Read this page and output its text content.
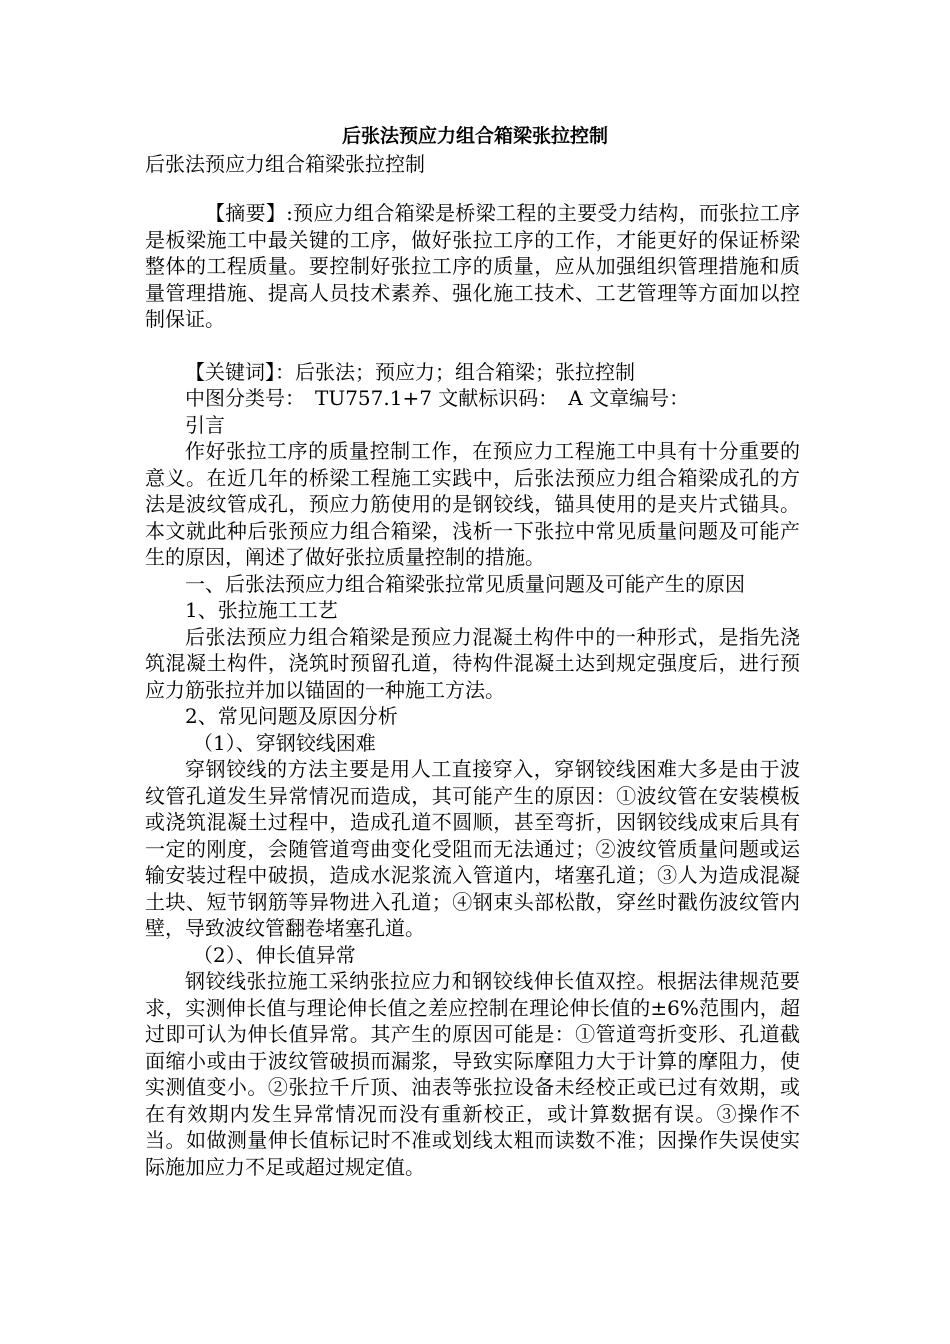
后张法预应力组合箱梁张拉控制
后张法预应力组合箱梁张拉控制

【摘要】:预应力组合箱梁是桥梁工程的主要受力结构，而张拉工序是板梁施工中最关键的工序，做好张拉工序的工作，才能更好的保证桥梁整体的工程质量。要控制好张拉工序的质量，应从加强组织管理措施和质量管理措施、提高人员技术素养、强化施工技术、工艺管理等方面加以控制保证。

【关键词】：后张法；预应力；组合箱梁；张拉控制

中图分类号：　TU757.1+7 文献标识码：　A 文章编号：

引言

作好张拉工序的质量控制工作，在预应力工程施工中具有十分重要的意义。在近几年的桥梁工程施工实践中，后张法预应力组合箱梁成孔的方法是波纹管成孔，预应力筋使用的是钢铰线，锚具使用的是夹片式锚具。本文就此种后张预应力组合箱梁，浅析一下张拉中常见质量问题及可能产生的原因，阐述了做好张拉质量控制的措施。

一、后张法预应力组合箱梁张拉常见质量问题及可能产生的原因

1、张拉施工工艺

后张法预应力组合箱梁是预应力混凝土构件中的一种形式，是指先浇筑混凝土构件，浇筑时预留孔道，待构件混凝土达到规定强度后，进行预应力筋张拉并加以锚固的一种施工方法。

2、常见问题及原因分析

（1）、穿钢铰线困难

穿钢铰线的方法主要是用人工直接穿入，穿钢铰线困难大多是由于波纹管孔道发生异常情况而造成，其可能产生的原因：①波纹管在安装模板或浇筑混凝土过程中，造成孔道不圆顺，甚至弯折，因钢铰线成束后具有一定的刚度，会随管道弯曲变化受阻而无法通过；②波纹管质量问题或运输安装过程中破损，造成水泥浆流入管道内，堵塞孔道；③人为造成混凝土块、短节钢筋等异物进入孔道；④钢束头部松散，穿丝时戳伤波纹管内壁，导致波纹管翻卷堵塞孔道。

（2）、伸长值异常

钢铰线张拉施工采纳张拉应力和钢铰线伸长值双控。根据法律规范要求，实测伸长值与理论伸长值之差应控制在理论伸长值的±6%范围内，超过即可认为伸长值异常。其产生的原因可能是：①管道弯折变形、孔道截面缩小或由于波纹管破损而漏浆，导致实际摩阻力大于计算的摩阻力，使实测值变小。②张拉千斤顶、油表等张拉设备未经校正或已过有效期，或在有效期内发生异常情况而没有重新校正，或计算数据有误。③操作不当。如做测量伸长值标记时不准或划线太粗而读数不准；因操作失误使实际施加应力不足或超过规定值。
